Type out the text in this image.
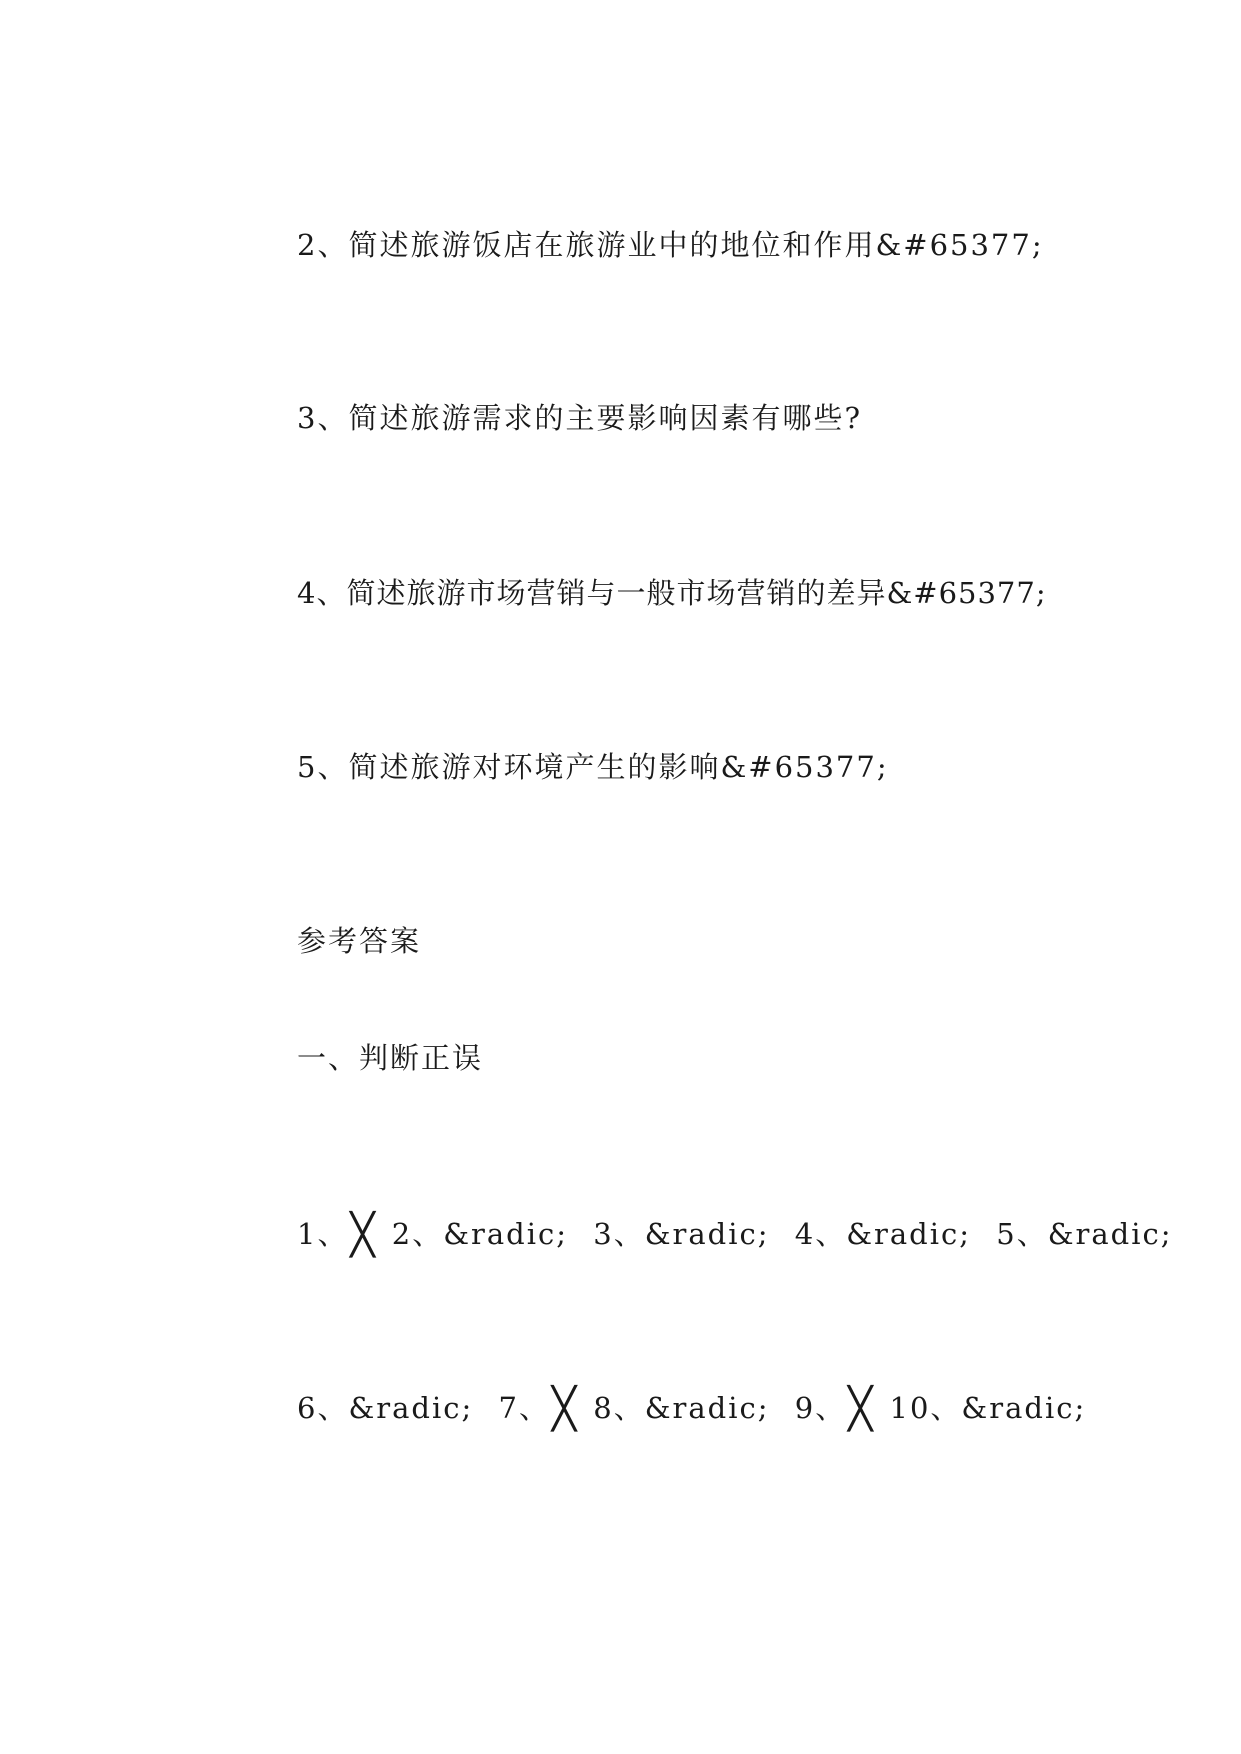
2、简述旅游饭店在旅游业中的地位和作用&#65377;
3、简述旅游需求的主要影响因素有哪些?
4、简述旅游市场营销与一般市场营销的差异&#65377;
5、简述旅游对环境产生的影响&#65377;
参考答案
一、判断正误
1、╳ 2、&radic; 3、&radic; 4、&radic; 5、&radic;
6、&radic; 7、╳ 8、&radic; 9、╳ 10、&radic;
